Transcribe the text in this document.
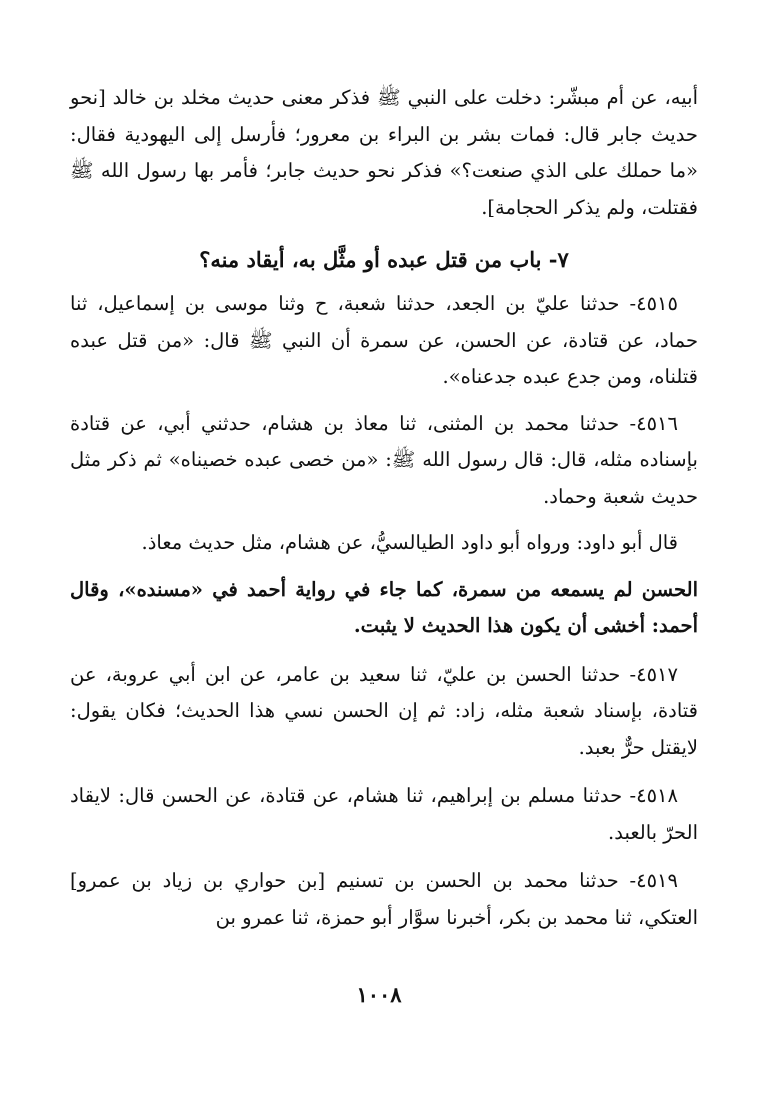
أبيه، عن أم مبشّر: دخلت على النبي ﷺ فذكر معنى حديث مخلد بن خالد [نحو حديث جابر قال: فمات بشر بن البراء بن معرور؛ فأرسل إلى اليهودية فقال: «ما حملك على الذي صنعت؟» فذكر نحو حديث جابر؛ فأمر بها رسول الله ﷺ فقتلت، ولم يذكر الحجامة].

٧- باب من قتل عبده أو مثَّل به، أيقاد منه؟

٤٥١٥- حدثنا عليّ بن الجعد، حدثنا شعبة، ح وثنا موسى بن إسماعيل، ثنا حماد، عن قتادة، عن الحسن، عن سمرة أن النبي ﷺ قال: «من قتل عبده قتلناه، ومن جدع عبده جدعناه».

٤٥١٦- حدثنا محمد بن المثنى، ثنا معاذ بن هشام، حدثني أبي، عن قتادة بإسناده مثله، قال: قال رسول الله ﷺ: «من خصى عبده خصيناه» ثم ذكر مثل حديث شعبة وحماد.

قال أبو داود: ورواه أبو داود الطيالسيُّ، عن هشام، مثل حديث معاذ.

الحسن لم يسمعه من سمرة، كما جاء في رواية أحمد في «مسنده»، وقال أحمد: أخشى أن يكون هذا الحديث لا يثبت.

٤٥١٧- حدثنا الحسن بن عليّ، ثنا سعيد بن عامر، عن ابن أبي عروبة، عن قتادة، بإسناد شعبة مثله، زاد: ثم إن الحسن نسي هذا الحديث؛ فكان يقول: لايقتل حرٌّ بعبد.

٤٥١٨- حدثنا مسلم بن إبراهيم، ثنا هشام، عن قتادة، عن الحسن قال: لايقاد الحرّ بالعبد.

٤٥١٩- حدثنا محمد بن الحسن بن تسنيم [بن حواري بن زياد بن عمرو] العتكي، ثنا محمد بن بكر، أخبرنا سوَّار أبو حمزة، ثنا عمرو بن

١٠٠٨
